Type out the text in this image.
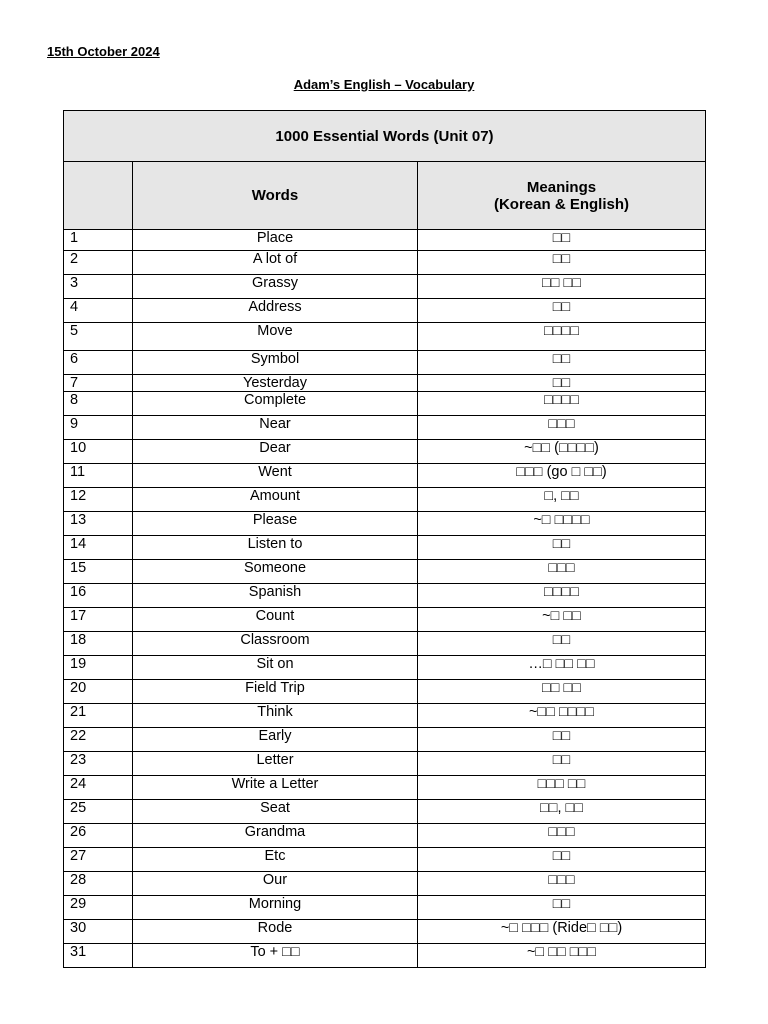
15th October 2024
Adam’s English – Vocabulary
1000 Essential Words (Unit 07)		
	Words	Meanings
(Korean & English)
1	Place	□□
2	A lot of	□□
3	Grassy	□□ □□
4	Address	□□
5	Move	□□□□
6	Symbol	□□
7	Yesterday	□□
8	Complete	□□□□
9	Near	□□□
10	Dear	~□□ (□□□□)
11	Went	□□□ (go □ □□)
12	Amount	□, □□
13	Please	~□ □□□□
14	Listen to	□□
15	Someone	□□□
16	Spanish	□□□□
17	Count	~□ □□
18	Classroom	□□
19	Sit on	…□ □□ □□
20	Field Trip	□□ □□
21	Think	~□□ □□□□
22	Early	□□
23	Letter	□□
24	Write a Letter	□□□ □□
25	Seat	□□, □□
26	Grandma	□□□
27	Etc	□□
28	Our	□□□
29	Morning	□□
30	Rode	~□ □□□ (Ride□ □□)
31	To + □□	~□ □□ □□□
